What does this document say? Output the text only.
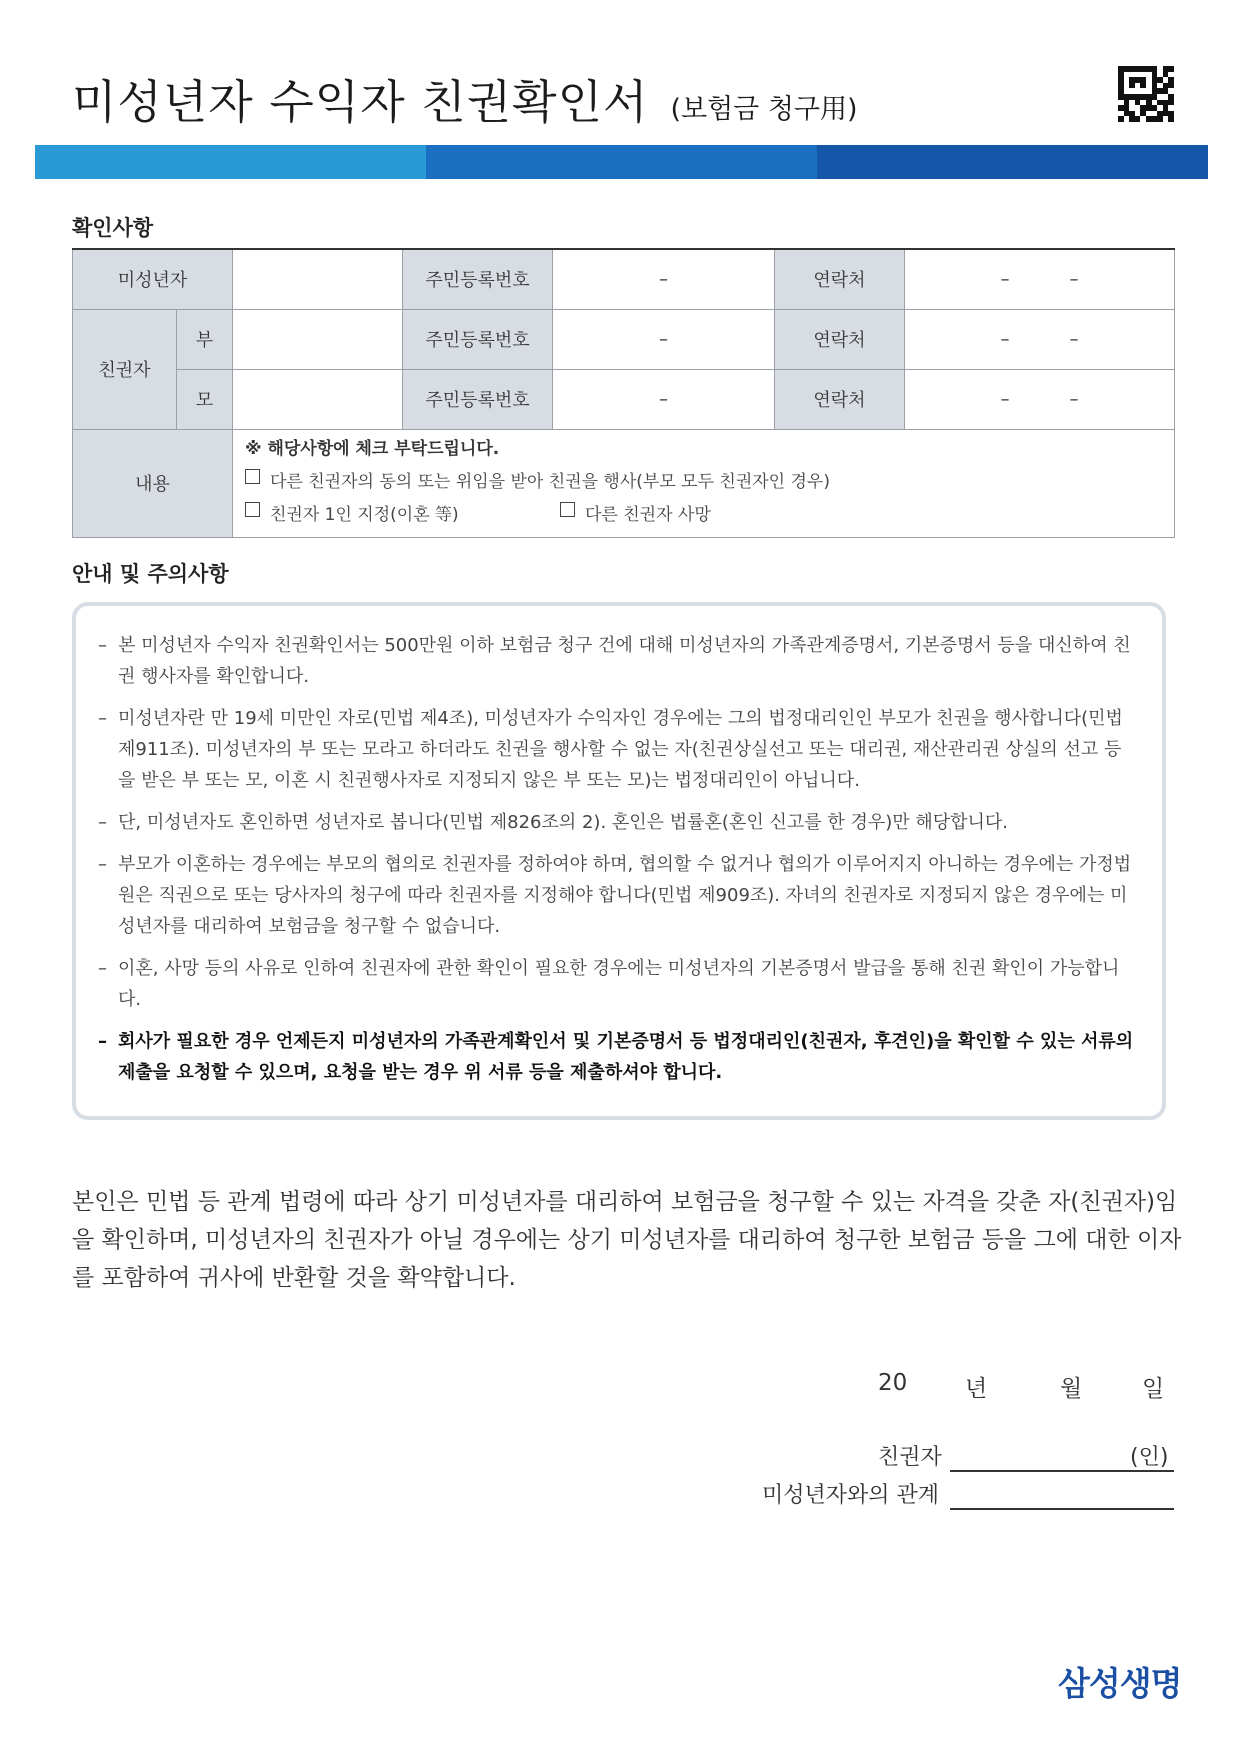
미성년자 수익자 친권확인서 (보험금 청구用)
확인사항
미성년자			주민등록번호	–	연락처	– –
친권자	부		주민등록번호	–	연락처	– –
	모		주민등록번호	–	연락처	– –
내용		※ 해당사항에 체크 부탁드립니다.
다른 친권자의 동의 또는 위임을 받아 친권을 행사(부모 모두 친권자인 경우)
친권자 1인 지정(이혼 等) 다른 친권자 사망				
안내 및 주의사항
– 본 미성년자 수익자 친권확인서는 500만원 이하 보험금 청구 건에 대해 미성년자의 가족관계증명서, 기본증명서 등을 대신하여 친권 행사자를 확인합니다.
– 미성년자란 만 19세 미만인 자로(민법 제4조), 미성년자가 수익자인 경우에는 그의 법정대리인인 부모가 친권을 행사합니다(민법 제911조). 미성년자의 부 또는 모라고 하더라도 친권을 행사할 수 없는 자(친권상실선고 또는 대리권, 재산관리권 상실의 선고 등을 받은 부 또는 모, 이혼 시 친권행사자로 지정되지 않은 부 또는 모)는 법정대리인이 아닙니다.
– 단, 미성년자도 혼인하면 성년자로 봅니다(민법 제826조의 2). 혼인은 법률혼(혼인 신고를 한 경우)만 해당합니다.
– 부모가 이혼하는 경우에는 부모의 협의로 친권자를 정하여야 하며, 협의할 수 없거나 협의가 이루어지지 아니하는 경우에는 가정법원은 직권으로 또는 당사자의 청구에 따라 친권자를 지정해야 합니다(민법 제909조). 자녀의 친권자로 지정되지 않은 경우에는 미성년자를 대리하여 보험금을 청구할 수 없습니다.
– 이혼, 사망 등의 사유로 인하여 친권자에 관한 확인이 필요한 경우에는 미성년자의 기본증명서 발급을 통해 친권 확인이 가능합니다.
– 회사가 필요한 경우 언제든지 미성년자의 가족관계확인서 및 기본증명서 등 법정대리인(친권자, 후견인)을 확인할 수 있는 서류의 제출을 요청할 수 있으며, 요청을 받는 경우 위 서류 등을 제출하셔야 합니다.
본인은 민법 등 관계 법령에 따라 상기 미성년자를 대리하여 보험금을 청구할 수 있는 자격을 갖춘 자(친권자)임을 확인하며, 미성년자의 친권자가 아닐 경우에는 상기 미성년자를 대리하여 청구한 보험금 등을 그에 대한 이자를 포함하여 귀사에 반환할 것을 확약합니다.
20	년	월	일
친권자	(인)
미성년자와의 관계
삼성생명
